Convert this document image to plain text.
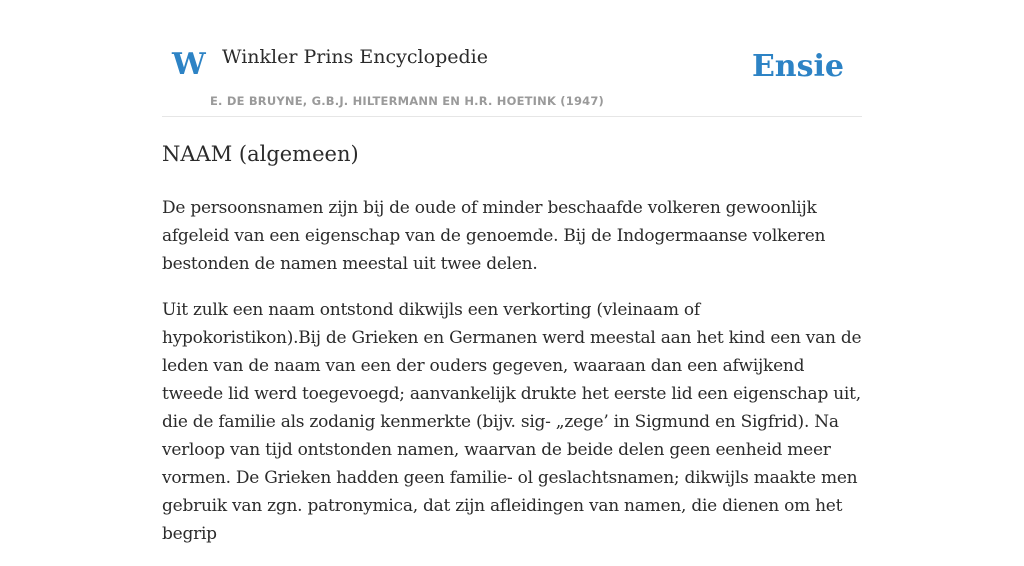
W Winkler Prins Encyclopedie
E. DE BRUYNE, G.B.J. HILTERMANN EN H.R. HOETINK (1947)
Ensie
NAAM (algemeen)

De persoonsnamen zijn bij de oude of minder beschaafde volkeren gewoonlijk afgeleid van een eigenschap van de genoemde. Bij de Indogermaanse volkeren bestonden de namen meestal uit twee delen.

Uit zulk een naam ontstond dikwijls een verkorting (vleinaam of hypokoristikon).Bij de Grieken en Germanen werd meestal aan het kind een van de leden van de naam van een der ouders gegeven, waaraan dan een afwijkend tweede lid werd toegevoegd; aanvankelijk drukte het eerste lid een eigenschap uit, die de familie als zodanig kenmerkte (bijv. sig- „zege’ in Sigmund en Sigfrid). Na verloop van tijd ontstonden namen, waarvan de beide delen geen eenheid meer vormen. De Grieken hadden geen familie- ol geslachtsnamen; dikwijls maakte men gebruik van zgn. patronymica, dat zijn afleidingen van namen, die dienen om het begrip
